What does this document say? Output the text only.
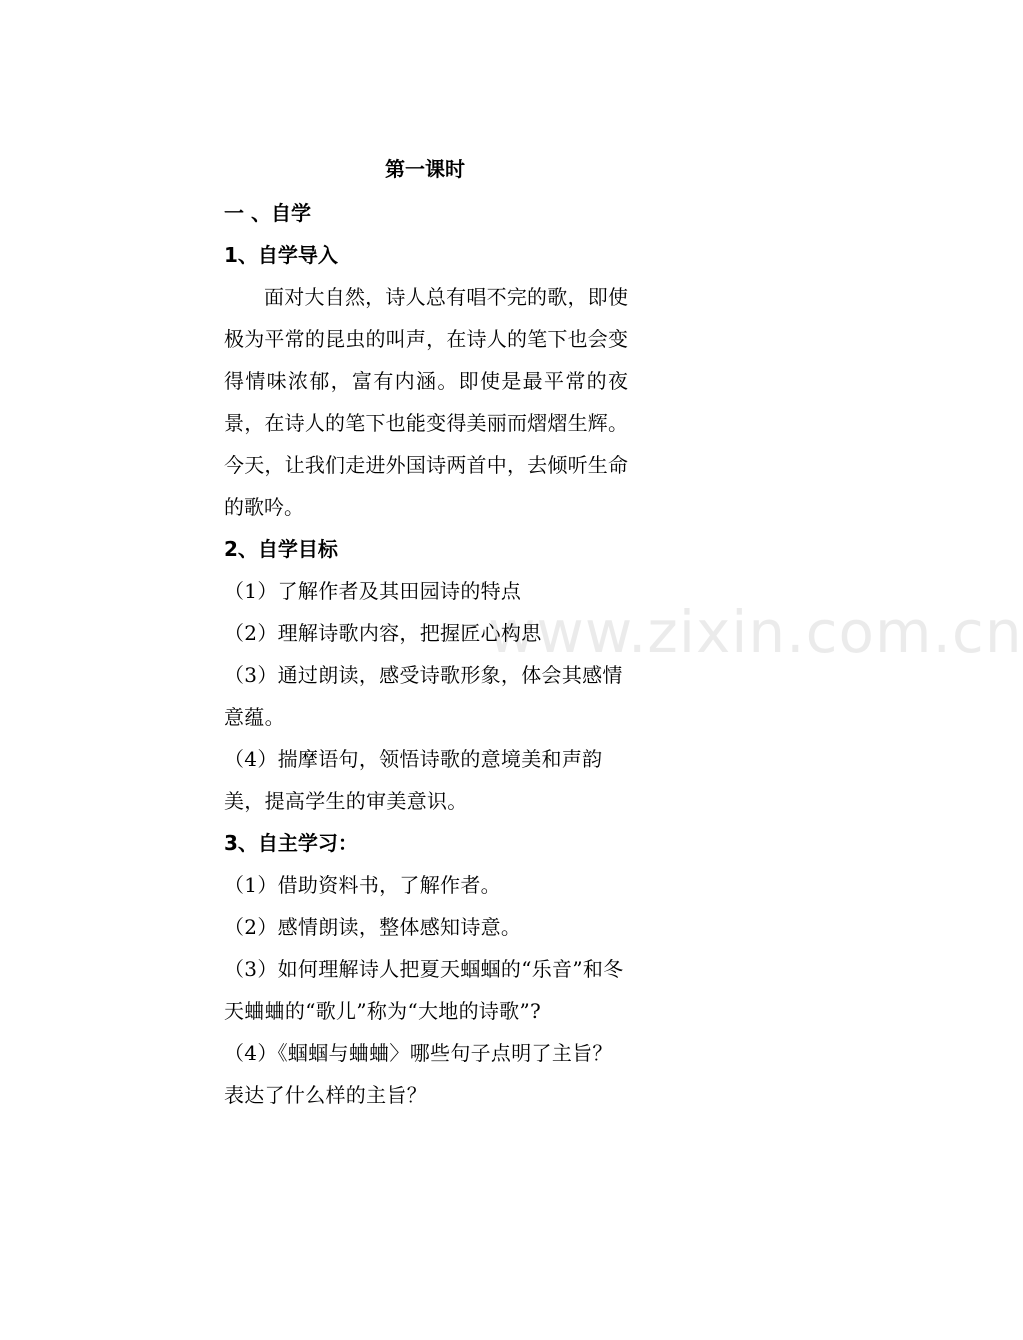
第一课时
一 、自学
1、自学导入
面对大自然，诗人总有唱不完的歌，即使极为平常的昆虫的叫声，在诗人的笔下也会变得情味浓郁，富有内涵。即使是最平常的夜景，在诗人的笔下也能变得美丽而熠熠生辉。今天，让我们走进外国诗两首中，去倾听生命的歌吟。
2、自学目标
（1）了解作者及其田园诗的特点
（2）理解诗歌内容，把握匠心构思
（3）通过朗读，感受诗歌形象，体会其感情意蕴。
（4）揣摩语句，领悟诗歌的意境美和声韵美，提高学生的审美意识。
3、自主学习：
（1）借助资料书，了解作者。
（2）感情朗读，整体感知诗意。
（3）如何理解诗人把夏天蝈蝈的“乐音”和冬天蛐蛐的“歌儿”称为“大地的诗歌”?
（4）《蝈蝈与蛐蛐〉哪些句子点明了主旨？表达了什么样的主旨？
www.zixin.com.cn
